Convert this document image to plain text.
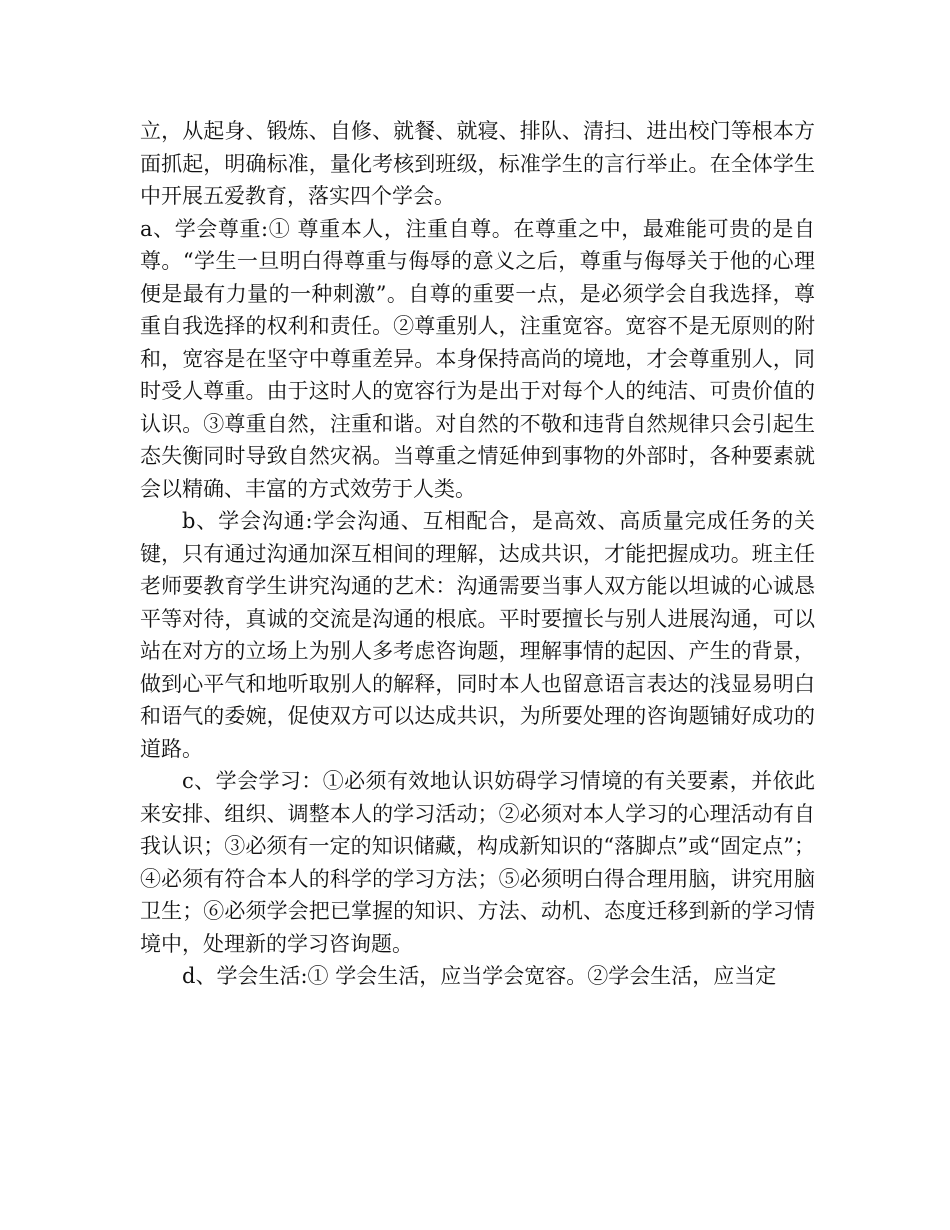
立，从起身、锻炼、自修、就餐、就寝、排队、清扫、进出校门等根本方面抓起，明确标准，量化考核到班级，标准学生的言行举止。在全体学生中开展五爱教育，落实四个学会。

a、学会尊重:① 尊重本人，注重自尊。在尊重之中，最难能可贵的是自尊。“学生一旦明白得尊重与侮辱的意义之后，尊重与侮辱关于他的心理便是最有力量的一种刺激”。自尊的重要一点，是必须学会自我选择，尊重自我选择的权利和责任。②尊重别人，注重宽容。宽容不是无原则的附和，宽容是在坚守中尊重差异。本身保持高尚的境地，才会尊重别人，同时受人尊重。由于这时人的宽容行为是出于对每个人的纯洁、可贵价值的认识。③尊重自然，注重和谐。对自然的不敬和违背自然规律只会引起生态失衡同时导致自然灾祸。当尊重之情延伸到事物的外部时，各种要素就会以精确、丰富的方式效劳于人类。

b、学会沟通:学会沟通、互相配合，是高效、高质量完成任务的关键，只有通过沟通加深互相间的理解，达成共识，才能把握成功。班主任老师要教育学生讲究沟通的艺术：沟通需要当事人双方能以坦诚的心诚恳平等对待，真诚的交流是沟通的根底。平时要擅长与别人进展沟通，可以站在对方的立场上为别人多考虑咨询题，理解事情的起因、产生的背景，做到心平气和地听取别人的解释，同时本人也留意语言表达的浅显易明白和语气的委婉，促使双方可以达成共识，为所要处理的咨询题铺好成功的道路。

c、学会学习：①必须有效地认识妨碍学习情境的有关要素，并依此来安排、组织、调整本人的学习活动；②必须对本人学习的心理活动有自我认识；③必须有一定的知识储藏，构成新知识的“落脚点”或“固定点”；④必须有符合本人的科学的学习方法；⑤必须明白得合理用脑，讲究用脑卫生；⑥必须学会把已掌握的知识、方法、动机、态度迁移到新的学习情境中，处理新的学习咨询题。

d、学会生活:① 学会生活，应当学会宽容。②学会生活，应当定
